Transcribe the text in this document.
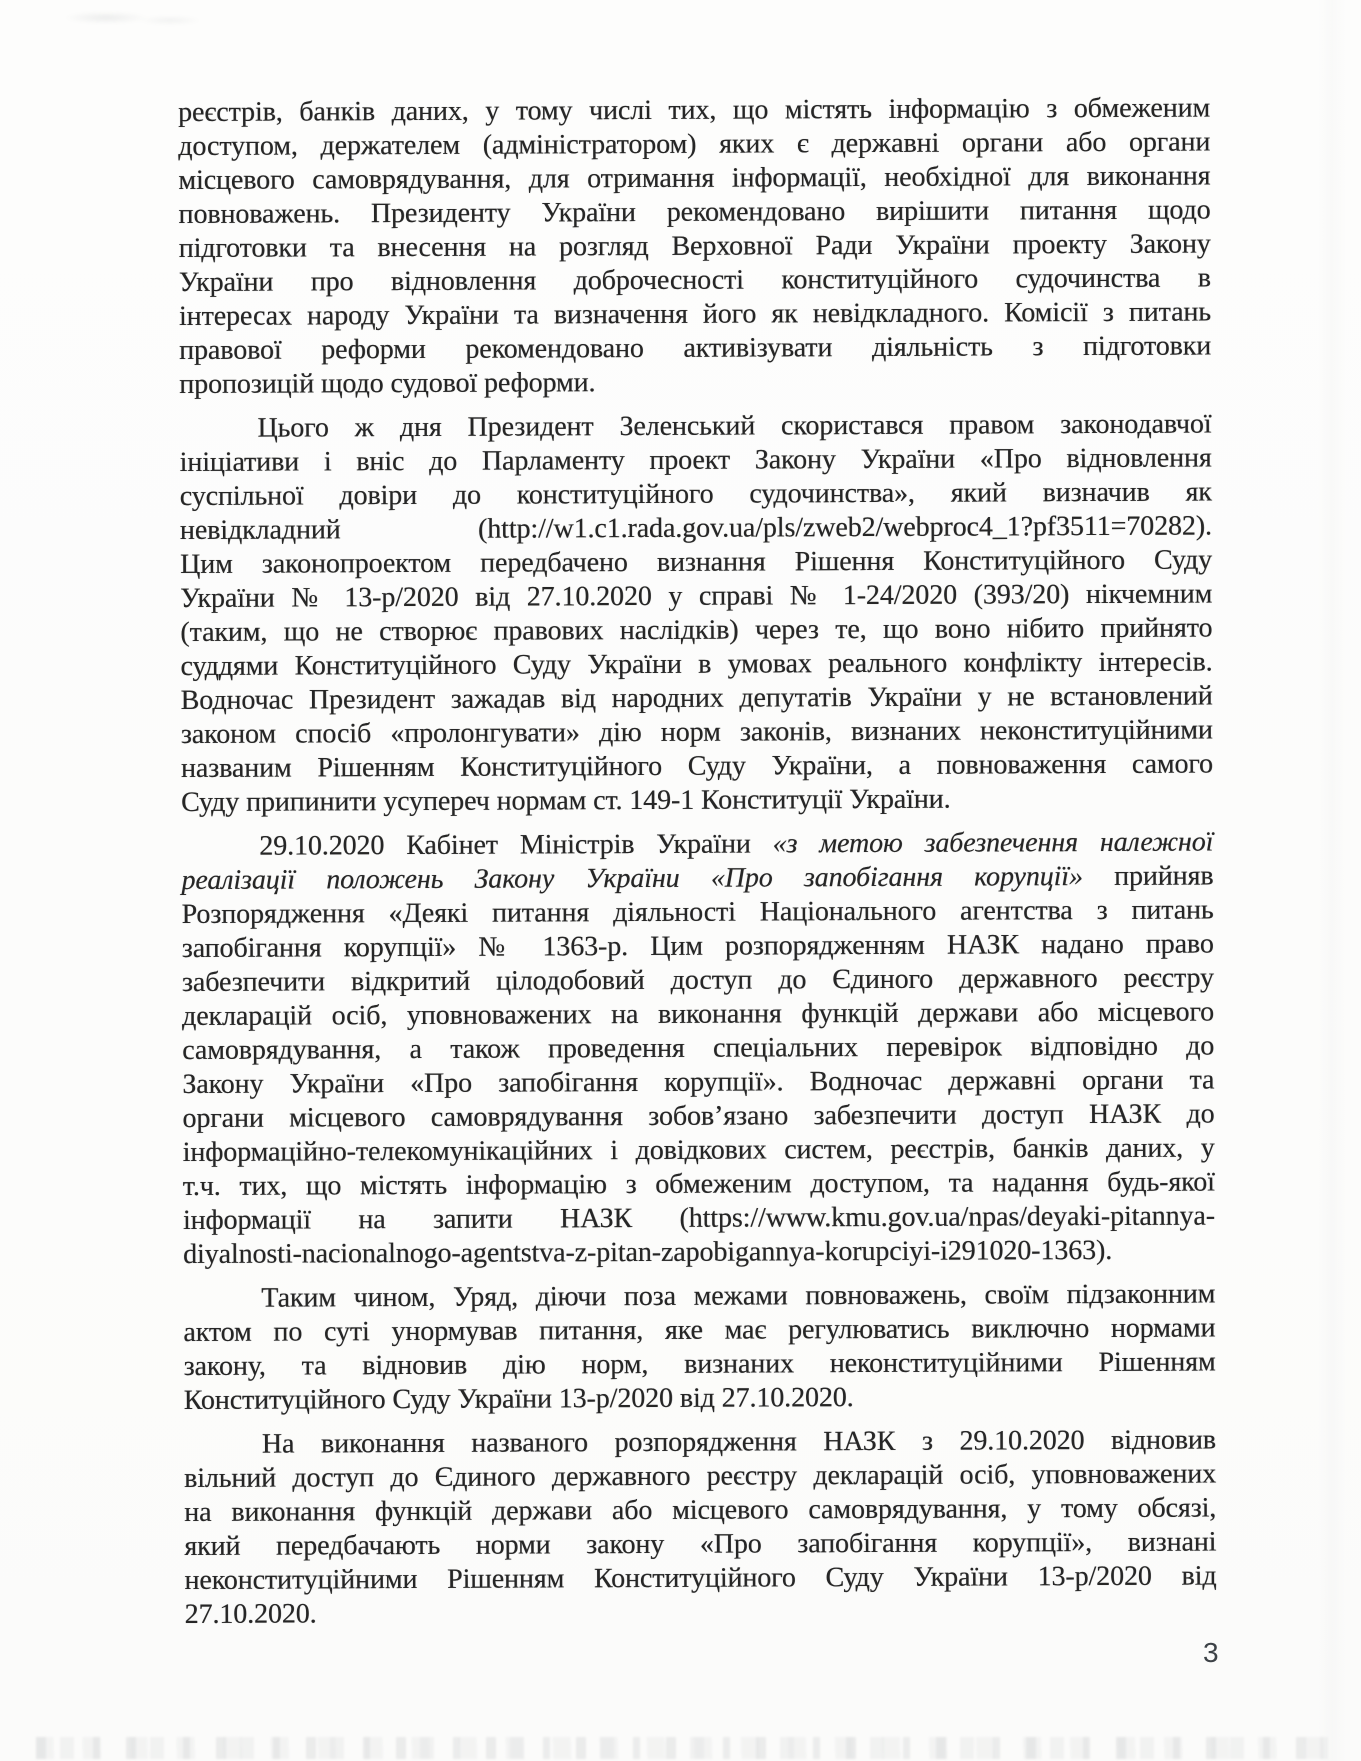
реєстрів, банків даних, у тому числі тих, що містять інформацію з обмеженим
доступом, держателем (адміністратором) яких є державні органи або органи
місцевого самоврядування, для отримання інформації, необхідної для виконання
повноважень. Президенту України рекомендовано вирішити питання щодо
підготовки та внесення на розгляд Верховної Ради України проекту Закону
України про відновлення доброчесності конституційного судочинства в
інтересах народу України та визначення його як невідкладного. Комісії з питань
правової реформи рекомендовано активізувати діяльність з підготовки
пропозицій щодо судової реформи.
Цього ж дня Президент Зеленський скористався правом законодавчої
ініціативи і вніс до Парламенту проект Закону України «Про відновлення
суспільної довіри до конституційного судочинства», який визначив як
невідкладний (http://w1.c1.rada.gov.ua/pls/zweb2/webproc4_1?pf3511=70282).
Цим законопроектом передбачено визнання Рішення Конституційного Суду
України № 13-р/2020 від 27.10.2020 у справі № 1-24/2020 (393/20) нікчемним
(таким, що не створює правових наслідків) через те, що воно нібито прийнято
суддями Конституційного Суду України в умовах реального конфлікту інтересів.
Водночас Президент зажадав від народних депутатів України у не встановлений
законом спосіб «пролонгувати» дію норм законів, визнаних неконституційними
названим Рішенням Конституційного Суду України, а повноваження самого
Суду припинити усупереч нормам ст. 149-1 Конституції України.
29.10.2020 Кабінет Міністрів України «з метою забезпечення належної
реалізації положень Закону України «Про запобігання корупції» прийняв
Розпорядження «Деякі питання діяльності Національного агентства з питань
запобігання корупції» № 1363-р. Цим розпорядженням НАЗК надано право
забезпечити відкритий цілодобовий доступ до Єдиного державного реєстру
декларацій осіб, уповноважених на виконання функцій держави або місцевого
самоврядування, а також проведення спеціальних перевірок відповідно до
Закону України «Про запобігання корупції». Водночас державні органи та
органи місцевого самоврядування зобов’язано забезпечити доступ НАЗК до
інформаційно-телекомунікаційних і довідкових систем, реєстрів, банків даних, у
т.ч. тих, що містять інформацію з обмеженим доступом, та надання будь-якої
інформації на запити НАЗК (https://www.kmu.gov.ua/npas/deyaki-pitannya-
diyalnosti-nacionalnogo-agentstva-z-pitan-zapobigannya-korupciyi-i291020-1363).
Таким чином, Уряд, діючи поза межами повноважень, своїм підзаконним
актом по суті унормував питання, яке має регулюватись виключно нормами
закону, та відновив дію норм, визнаних неконституційними Рішенням
Конституційного Суду України 13-р/2020 від 27.10.2020.
На виконання названого розпорядження НАЗК з 29.10.2020 відновив
вільний доступ до Єдиного державного реєстру декларацій осіб, уповноважених
на виконання функцій держави або місцевого самоврядування, у тому обсязі,
який передбачають норми закону «Про запобігання корупції», визнані
неконституційними Рішенням Конституційного Суду України 13-р/2020 від
27.10.2020.
3
